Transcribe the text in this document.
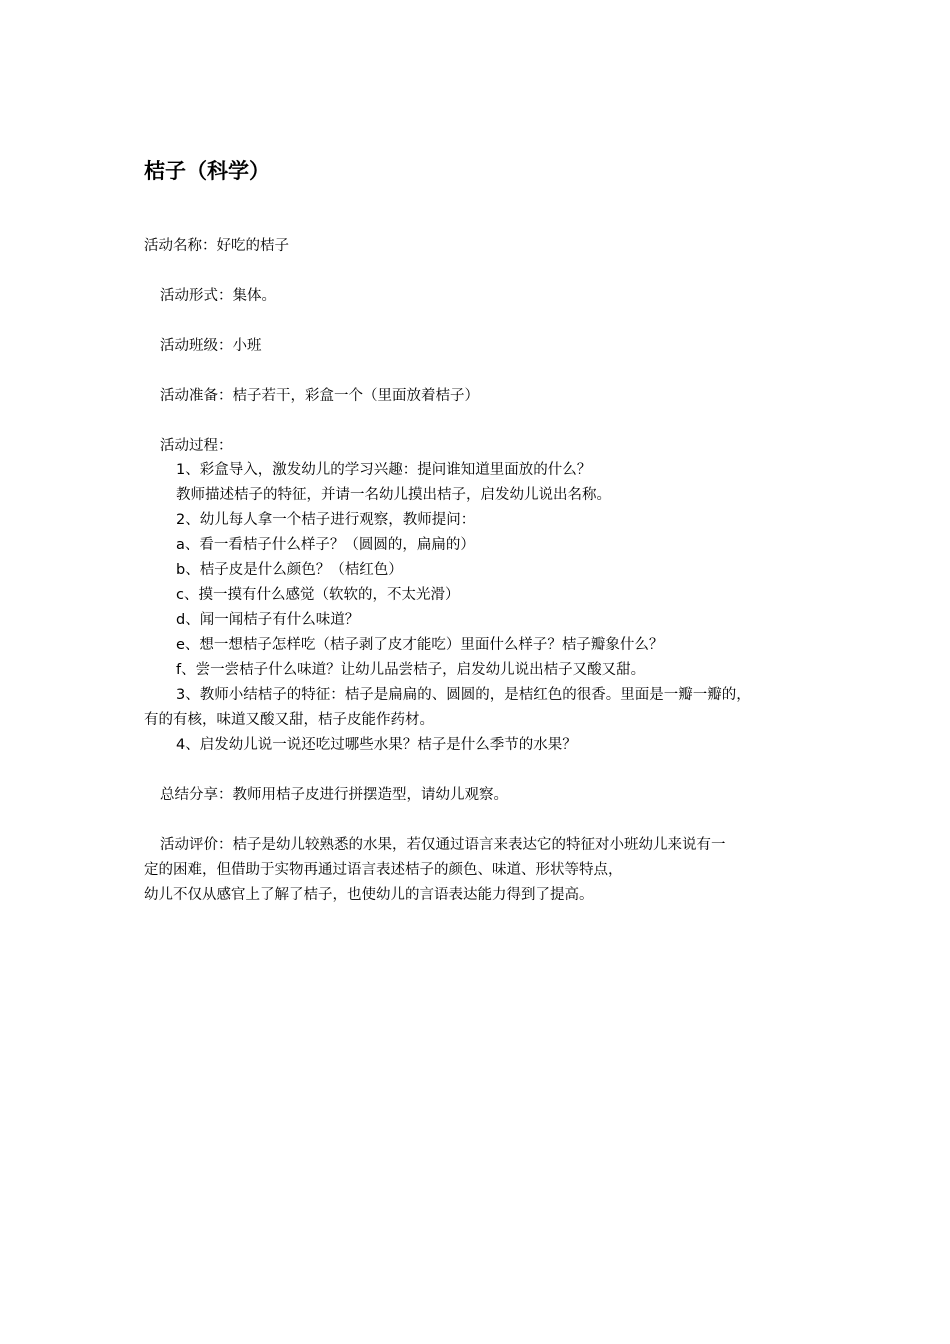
桔子（科学）
活动名称：好吃的桔子
活动形式：集体。
活动班级：小班
活动准备：桔子若干，彩盒一个（里面放着桔子）
活动过程：
1、彩盒导入，激发幼儿的学习兴趣：提问谁知道里面放的什么？
教师描述桔子的特征，并请一名幼儿摸出桔子，启发幼儿说出名称。
2、幼儿每人拿一个桔子进行观察，教师提问：
a、看一看桔子什么样子？（圆圆的，扁扁的）
b、桔子皮是什么颜色？（桔红色）
c、摸一摸有什么感觉（软软的，不太光滑）
d、闻一闻桔子有什么味道？
e、想一想桔子怎样吃（桔子剥了皮才能吃）里面什么样子？桔子瓣象什么？
f、尝一尝桔子什么味道？让幼儿品尝桔子，启发幼儿说出桔子又酸又甜。
3、教师小结桔子的特征：桔子是扁扁的、圆圆的，是桔红色的很香。里面是一瓣一瓣的，
有的有核，味道又酸又甜，桔子皮能作药材。
4、启发幼儿说一说还吃过哪些水果？桔子是什么季节的水果？
总结分享：教师用桔子皮进行拼摆造型，请幼儿观察。
活动评价：桔子是幼儿较熟悉的水果，若仅通过语言来表达它的特征对小班幼儿来说有一
定的困难，但借助于实物再通过语言表述桔子的颜色、味道、形状等特点，
幼儿不仅从感官上了解了桔子，也使幼儿的言语表达能力得到了提高。
